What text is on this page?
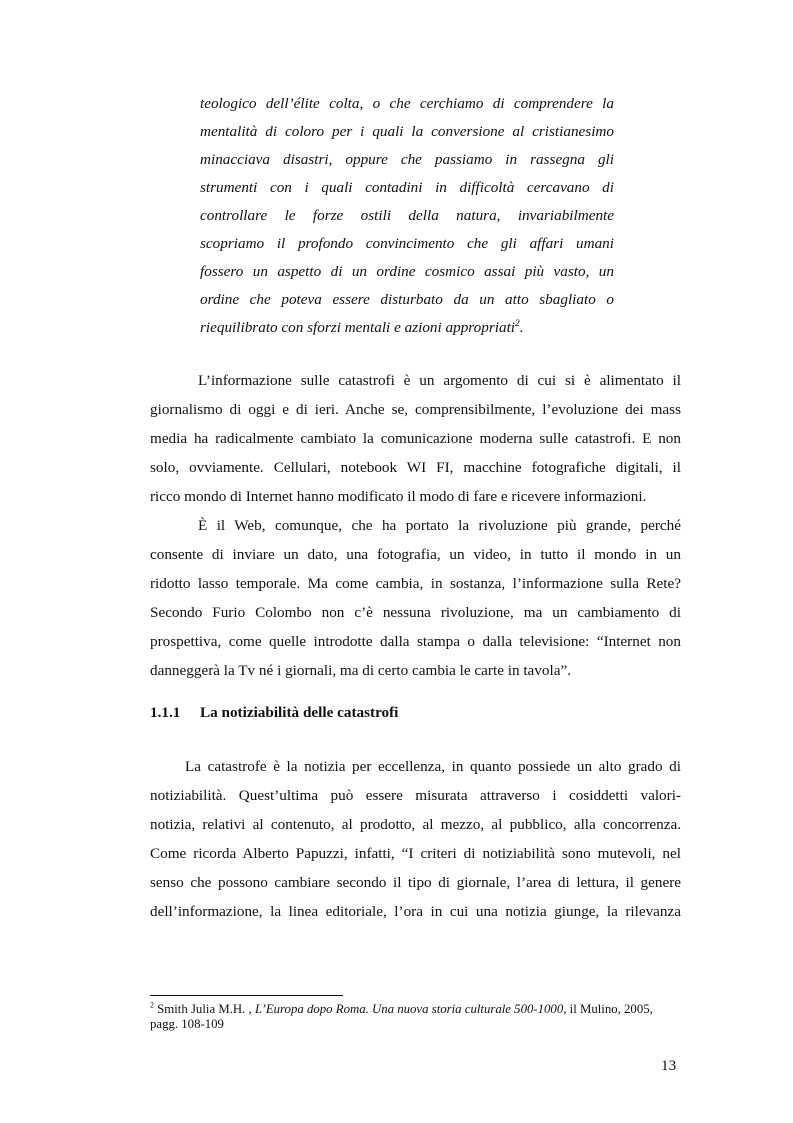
teologico dell’élite colta, o che cerchiamo di comprendere la
mentalità di coloro per i quali la conversione al cristianesimo
minacciava disastri, oppure che passiamo in rassegna gli
strumenti con i quali contadini in difficoltà cercavano di
controllare le forze ostili della natura, invariabilmente
scopriamo il profondo convincimento che gli affari umani
fossero un aspetto di un ordine cosmico assai più vasto, un
ordine che poteva essere disturbato da un atto sbagliato o
riequilibrato con sforzi mentali e azioni appropriati$^2$.
L’informazione sulle catastrofi è un argomento di cui si è alimentato il
giornalismo di oggi e di ieri. Anche se, comprensibilmente, l’evoluzione dei mass
media ha radicalmente cambiato la comunicazione moderna sulle catastrofi. E non
solo, ovviamente. Cellulari, notebook WI FI, macchine fotografiche digitali, il
ricco mondo di Internet hanno modificato il modo di fare e ricevere informazioni.
È il Web, comunque, che ha portato la rivoluzione più grande, perché
consente di inviare un dato, una fotografia, un video, in tutto il mondo in un
ridotto lasso temporale. Ma come cambia, in sostanza, l’informazione sulla Rete?
Secondo Furio Colombo non c’è nessuna rivoluzione, ma un cambiamento di
prospettiva, come quelle introdotte dalla stampa o dalla televisione: “Internet non
danneggerà la Tv né i giornali, ma di certo cambia le carte in tavola”.
1.1.1 La notiziabilità delle catastrofi
La catastrofe è la notizia per eccellenza, in quanto possiede un alto grado di
notiziabilità. Quest’ultima può essere misurata attraverso i cosiddetti valori-
notizia, relativi al contenuto, al prodotto, al mezzo, al pubblico, alla concorrenza.
Come ricorda Alberto Papuzzi, infatti, “I criteri di notiziabilità sono mutevoli, nel
senso che possono cambiare secondo il tipo di giornale, l’area di lettura, il genere
dell’informazione, la linea editoriale, l’ora in cui una notizia giunge, la rilevanza
$^2$ Smith Julia M.H. , L’Europa dopo Roma. Una nuova storia culturale 500-1000, il Mulino, 2005,
pagg. 108-109
13
